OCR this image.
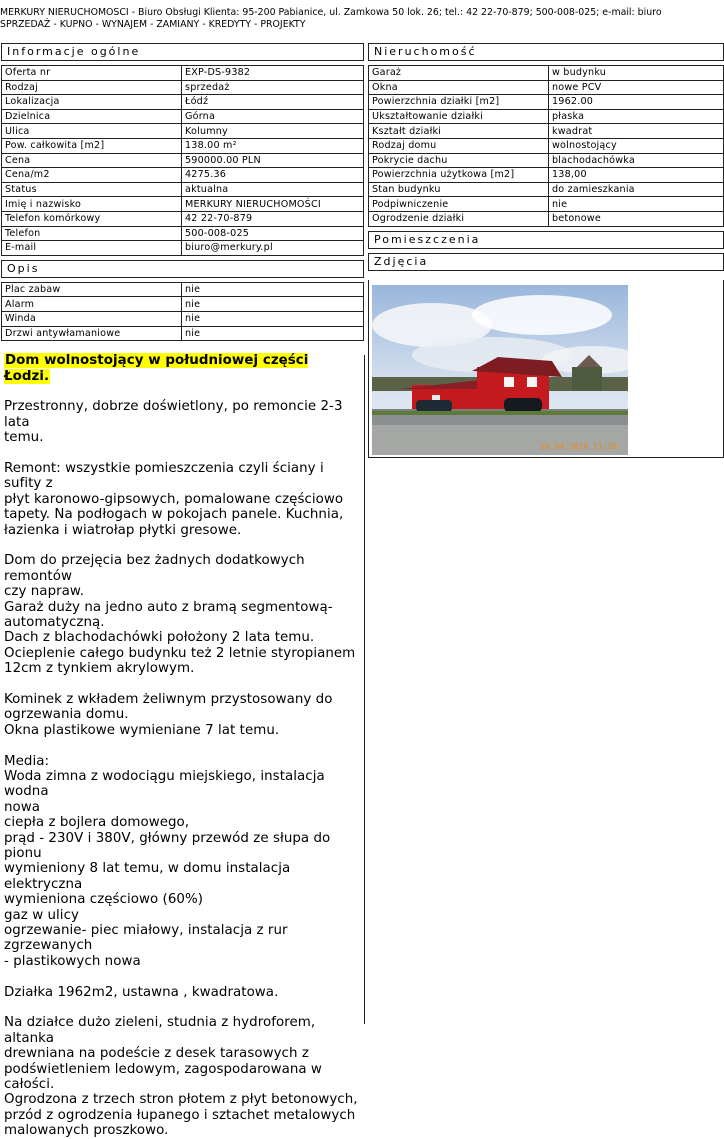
MERKURY NIERUCHOMOŚCI - Biuro Obsługi Klienta: 95-200 Pabianice, ul. Zamkowa 50 lok. 26; tel.: 42 22-70-879; 500-008-025; e-mail: biuro
SPRZEDAŻ - KUPNO - WYNAJEM - ZAMIANY - KREDYTY - PROJEKTY
Informacje ogólne
Oferta nr	EXP-DS-9382
Rodzaj	sprzedaż
Lokalizacja	Łódź
Dzielnica	Górna
Ulica	Kolumny
Pow. całkowita [m2]	138.00 m²
Cena	590000.00 PLN
Cena/m2	4275.36
Status	aktualna
Imię i nazwisko	MERKURY NIERUCHOMOŚCI
Telefon komórkowy	42 22-70-879
Telefon	500-008-025
E-mail	biuro@merkury.pl
Opis
Plac zabaw	nie
Alarm	nie
Winda	nie
Drzwi antywłamaniowe	nie

Dom wolnostojący w południowej części Łodzi.

Przestronny, dobrze doświetlony, po remoncie 2-3 lata

temu.

Remont: wszystkie pomieszczenia czyli ściany i sufity z

płyt karonowo-gipsowych, pomalowane częściowo

tapety. Na podłogach w pokojach panele. Kuchnia,

łazienka i wiatrołap płytki gresowe.

Dom do przejęcia bez żadnych dodatkowych remontów

czy napraw.

Garaż duży na jedno auto z bramą segmentową-

automatyczną.

Dach z blachodachówki położony 2 lata temu.

Ocieplenie całego budynku też 2 letnie styropianem

12cm z tynkiem akrylowym.

Kominek z wkładem żeliwnym przystosowany do

ogrzewania domu.

Okna plastikowe wymieniane 7 lat temu.

Media:

Woda zimna z wodociągu miejskiego, instalacja wodna

nowa

ciepła z bojlera domowego,

prąd - 230V i 380V, główny przewód ze słupa do pionu

wymieniony 8 lat temu, w domu instalacja elektryczna

wymieniona częściowo (60%)

gaz w ulicy

ogrzewanie- piec miałowy, instalacja z rur zgrzewanych

- plastikowych nowa

Działka 1962m2, ustawna , kwadratowa.

Na działce dużo zieleni, studnia z hydroforem, altanka

drewniana na podeście z desek tarasowych z

podświetleniem ledowym, zagospodarowana w całości.

Ogrodzona z trzech stron płotem z płyt betonowych,

przód z ogrodzenia łupanego i sztachet metalowych

malowanych proszkowo.

Nieruchomość
Garaż	w budynku
Okna	nowe PCV
Powierzchnia działki [m2]	1962.00
Ukształtowanie działki	płaska
Kształt działki	kwadrat
Rodzaj domu	wolnostojący
Pokrycie dachu	blachodachówka
Powierzchnia użytkowa [m2]	138,00
Stan budynku	do zamieszkania
Podpiwniczenie	nie
Ogrodzenie działki	betonowe
Pomieszczenia
Zdjęcia
18.04.2016 11:10
